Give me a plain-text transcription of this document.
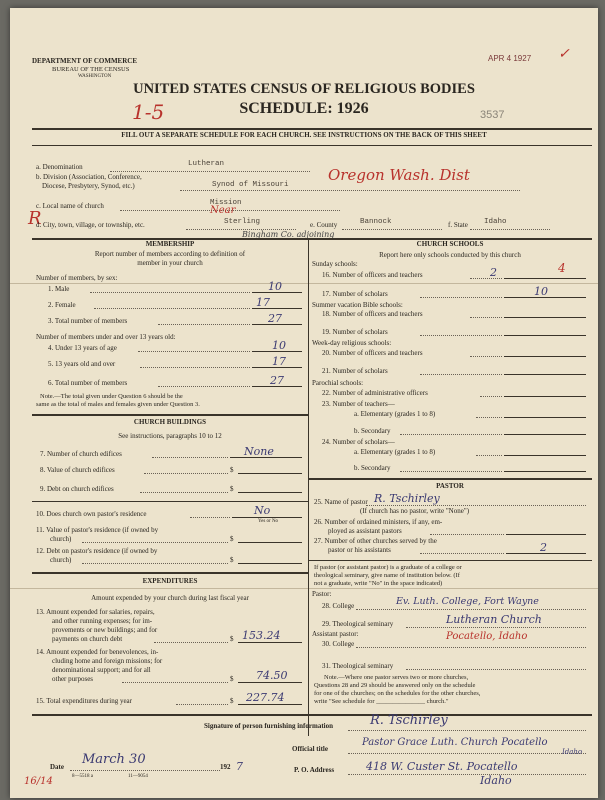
DEPARTMENT OF COMMERCE
BUREAU OF THE CENSUS
WASHINGTON
APR 4 1927 ✓
UNITED STATES CENSUS OF RELIGIOUS BODIES
SCHEDULE: 1926
1-5	3537
FILL OUT A SEPARATE SCHEDULE FOR EACH CHURCH. SEE INSTRUCTIONS ON THE BACK OF THIS SHEET
a. Denomination	Lutheran
b. Division (Association, Conference,
Diocese, Presbytery, Synod, etc.)	Synod of Missouri
Oregon Wash. Dist
c. Local name of church	Mission
R
d. City, town, village, or township, etc.	Sterling
Near
Bingham Co. adjoining
e. County	Bannock	f. State Idaho
MEMBERSHIP
Report number of members according to definition of
member in your church
Number of members, by sex:
1. Male	10
2. Female	17
3. Total number of members	27
Number of members under and over 13 years old:
4. Under 13 years of age	10
5. 13 years old and over	17
6. Total number of members	27
Note.—The total given under Question 6 should be the
same as the total of males and females given under Question 3.
CHURCH BUILDINGS
See instructions, paragraphs 10 to 12
7. Number of church edifices	None
8. Value of church edifices	$
9. Debt on church edifices	$
10. Does church own pastor's residence	No
Yes or No
11. Value of pastor's residence (if owned by
church)	$
12. Debt on pastor's residence (if owned by
church)	$
EXPENDITURES
Amount expended by your church during last fiscal year
13. Amount expended for salaries, repairs,
and other running expenses; for im-
provements or new buildings; and for
payments on church debt	$ 153.24
14. Amount expended for benevolences, in-
cluding home and foreign missions; for
denominational support; and for all
other purposes	$ 74.50
15. Total expenditures during year	$ 227.74
CHURCH SCHOOLS
Report here only schools conducted by this church
Sunday schools:
16. Number of officers and teachers	2	4
17. Number of scholars	10
Summer vacation Bible schools:
18. Number of officers and teachers
19. Number of scholars
Week-day religious schools:
20. Number of officers and teachers
21. Number of scholars
Parochial schools:
22. Number of administrative officers
23. Number of teachers—
a. Elementary (grades 1 to 8)
b. Secondary
24. Number of scholars—
a. Elementary (grades 1 to 8)
b. Secondary
PASTOR
25. Name of pastor R. Tschirley
(If church has no pastor, write "None")
26. Number of ordained ministers, if any, em-
ployed as assistant pastors
27. Number of other churches served by the
pastor or his assistants	2
If pastor (or assistant pastor) is a graduate of a college or
theological seminary, give name of institution below. (If
not a graduate, write "No" in the space indicated)
Pastor:
28. College	Ev. Luth. College, Fort Wayne
29. Theological seminary	Lutheran Church
Assistant pastor:
30. College
Pocatello, Idaho
31. Theological seminary
Note.—Where one pastor serves two or more churches,
Questions 28 and 29 should be answered only on the schedule
for one of the churches; on the schedules for the other churches,
write "See schedule for _______________ church."
Signature of person furnishing information	R. Tschirley
Official title
Pastor Grace Luth. Church Pocatello
Idaho
P. O. Address	418 W. Custer St. Pocatello
Idaho
Date March 30	192 7
8—5518 a	11—9054
16/14
